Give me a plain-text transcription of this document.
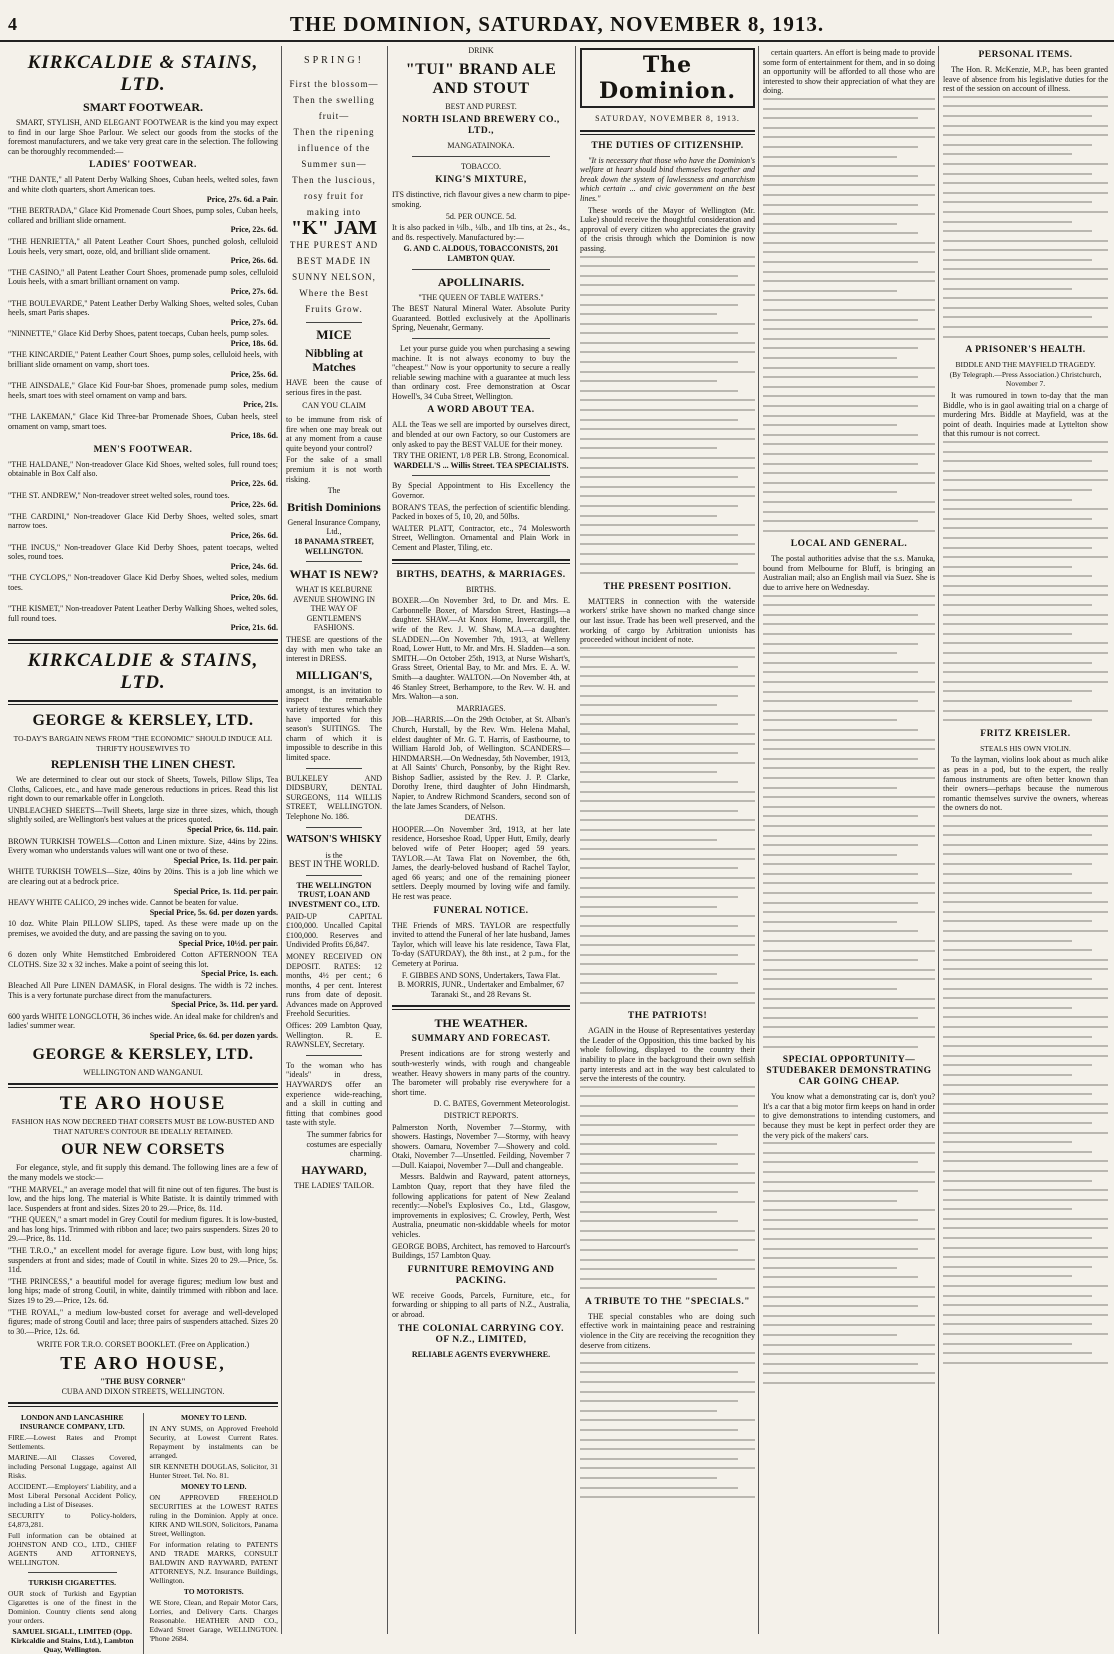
4	THE DOMINION, SATURDAY, NOVEMBER 8, 1913.
KIRKCALDIE & STAINS, LTD.
SMART FOOTWEAR.
SMART, STYLISH, AND ELEGANT FOOTWEAR is the kind you may expect to find in our large Shoe Parlour. We select our goods from the stocks of the foremost manufacturers, and we take very great care in the selection. The following can be thoroughly recommended:—
LADIES' FOOTWEAR.
"THE DANTE," all Patent Derby Walking Shoes, Cuban heels, welted soles, fawn and white cloth quarters, short American toes.
Price, 27s. 6d. a Pair.
"THE BERTRADA," Glace Kid Promenade Court Shoes, pump soles, Cuban heels, collared and brilliant slide ornament.
Price, 22s. 6d.
"THE HENRIETTA," all Patent Leather Court Shoes, punched golosh, celluloid Louis heels, very smart, ooze, old, and brilliant slide ornament.
Price, 26s. 6d.
"THE CASINO," all Patent Leather Court Shoes, promenade pump soles, celluloid Louis heels, with a smart brilliant ornament on vamp.
Price, 27s. 6d.
"THE BOULEVARDE," Patent Leather Derby Walking Shoes, welted soles, Cuban heels, smart Paris shapes.
Price, 27s. 6d.
"NINNETTE," Glace Kid Derby Shoes, patent toecaps, Cuban heels, pump soles.
Price, 18s. 6d.
"THE KINCARDIE," Patent Leather Court Shoes, pump soles, celluloid heels, with brilliant slide ornament on vamp, short toes.
Price, 25s. 6d.
"THE AINSDALE," Glace Kid Four-bar Shoes, promenade pump soles, medium heels, smart toes with steel ornament on vamp and bars.
Price, 21s.
"THE LAKEMAN," Glace Kid Three-bar Promenade Shoes, Cuban heels, steel ornament on vamp, smart toes.
Price, 18s. 6d.
MEN'S FOOTWEAR.
"THE HALDANE," Non-treadover Glace Kid Shoes, welted soles, full round toes; obtainable in Box Calf also.
Price, 22s. 6d.
"THE ST. ANDREW," Non-treadover street welted soles, round toes.
Price, 22s. 6d.
"THE CARDINI," Non-treadover Glace Kid Derby Shoes, welted soles, smart narrow toes.
Price, 26s. 6d.
"THE INCUS," Non-treadover Glace Kid Derby Shoes, patent toecaps, welted soles, round toes.
Price, 24s. 6d.
"THE CYCLOPS," Non-treadover Glace Kid Derby Shoes, welted soles, medium toes.
Price, 20s. 6d.
"THE KISMET," Non-treadover Patent Leather Derby Walking Shoes, welted soles, full round toes.
Price, 21s. 6d.
KIRKCALDIE & STAINS, LTD.
GEORGE & KERSLEY, LTD.
TO-DAY'S BARGAIN NEWS FROM "THE ECONOMIC" SHOULD INDUCE ALL THRIFTY HOUSEWIVES TO
REPLENISH THE LINEN CHEST.
We are determined to clear out our stock of Sheets, Towels, Pillow Slips, Tea Cloths, Calicoes, etc., and have made generous reductions in prices. Read this list right down to our remarkable offer in Longcloth.
UNBLEACHED SHEETS—Twill Sheets, large size in three sizes, which, though slightly soiled, are Wellington's best values at the prices quoted.
Special Price, 6s. 11d. pair.
BROWN TURKISH TOWELS—Cotton and Linen mixture. Size, 44ins by 22ins. Every woman who understands values will want one or two of these.
Special Price, 1s. 11d. per pair.
WHITE TURKISH TOWELS—Size, 40ins by 20ins. This is a job line which we are clearing out at a bedrock price.
Special Price, 1s. 11d. per pair.
HEAVY WHITE CALICO, 29 inches wide. Cannot be beaten for value.
Special Price, 5s. 6d. per dozen yards.
10 doz. White Plain PILLOW SLIPS, taped. As these were made up on the premises, we avoided the duty, and are passing the saving on to you.
Special Price, 10½d. per pair.
6 dozen only White Hemstitched Embroidered Cotton AFTERNOON TEA CLOTHS. Size 32 x 32 inches. Make a point of seeing this lot.
Special Price, 1s. each.
Bleached All Pure LINEN DAMASK, in Floral designs. The width is 72 inches. This is a very fortunate purchase direct from the manufacturers.
Special Price, 3s. 11d. per yard.
600 yards WHITE LONGCLOTH, 36 inches wide. An ideal make for children's and ladies' summer wear.
Special Price, 6s. 6d. per dozen yards.
GEORGE & KERSLEY, LTD.
WELLINGTON AND WANGANUI.
TE ARO HOUSE
FASHION HAS NOW DECREED THAT CORSETS MUST BE LOW-BUSTED AND THAT NATURE'S CONTOUR BE IDEALLY RETAINED.
OUR NEW CORSETS
For elegance, style, and fit supply this demand. The following lines are a few of the many models we stock:—
"THE MARVEL," an average model that will fit nine out of ten figures. The bust is low, and the hips long. The material is White Batiste. It is daintily trimmed with lace. Suspenders at front and sides. Sizes 20 to 29.—Price, 8s. 11d.
"THE QUEEN," a smart model in Grey Coutil for medium figures. It is low-busted, and has long hips. Trimmed with ribbon and lace; two pairs suspenders. Sizes 20 to 29.—Price, 8s. 11d.
"THE T.R.O.," an excellent model for average figure. Low bust, with long hips; suspenders at front and sides; made of Coutil in white. Sizes 20 to 29.—Price, 5s. 11d.
"THE PRINCESS," a beautiful model for average figures; medium low bust and long hips; made of strong Coutil, in white, daintily trimmed with ribbon and lace. Sizes 19 to 29.—Price, 12s. 6d.
"THE ROYAL," a medium low-busted corset for average and well-developed figures; made of strong Coutil and lace; three pairs of suspenders attached. Sizes 20 to 30.—Price, 12s. 6d.
WRITE FOR T.R.O. CORSET BOOKLET. (Free on Application.)
TE ARO HOUSE,
"THE BUSY CORNER"
CUBA AND DIXON STREETS, WELLINGTON.
LONDON AND LANCASHIRE INSURANCE COMPANY, LTD.
FIRE.—Lowest Rates and Prompt Settlements.
MARINE.—All Classes Covered, including Personal Luggage, against All Risks.
ACCIDENT.—Employers' Liability, and a Most Liberal Personal Accident Policy, including a List of Diseases.
SECURITY to Policy-holders, £4,873,281.
Full information can be obtained at JOHNSTON AND CO., LTD., CHIEF AGENTS AND ATTORNEYS, WELLINGTON.
TURKISH CIGARETTES.
OUR stock of Turkish and Egyptian Cigarettes is one of the finest in the Dominion. Country clients send along your orders.
SAMUEL SIGALL, LIMITED (Opp. Kirkcaldie and Stains, Ltd.), Lambton Quay, Wellington.
MONEY TO LEND.
IN ANY SUMS, on Approved Freehold Security, at Lowest Current Rates. Repayment by instalments can be arranged.
SIR KENNETH DOUGLAS, Solicitor, 31 Hunter Street. Tel. No. 81.
MONEY TO LEND.
ON APPROVED FREEHOLD SECURITIES at the LOWEST RATES ruling in the Dominion. Apply at once. KIRK AND WILSON, Solicitors, Panama Street, Wellington.
For information relating to PATENTS AND TRADE MARKS, CONSULT BALDWIN AND RAYWARD, PATENT ATTORNEYS, N.Z. Insurance Buildings, Wellington.
TO MOTORISTS.
WE Store, Clean, and Repair Motor Cars, Lorries, and Delivery Carts. Charges Reasonable. HEATHER AND CO., Edward Street Garage, WELLINGTON. 'Phone 2684.
SPRING!
First the blossom—
Then the swelling fruit—
Then the ripening influence of the Summer sun—
Then the luscious, rosy fruit for making into
"K" JAM
THE PUREST AND BEST MADE IN SUNNY NELSON,
Where the Best Fruits Grow.
MICE
Nibbling at Matches
HAVE been the cause of serious fires in the past.
CAN YOU CLAIM
to be immune from risk of fire when one may break out at any moment from a cause quite beyond your control?
For the sake of a small premium it is not worth risking.
The
British Dominions
General Insurance Company, Ltd.,
18 PANAMA STREET, WELLINGTON.
WHAT IS NEW?
WHAT IS KELBURNE AVENUE SHOWING IN THE WAY OF GENTLEMEN'S FASHIONS.
THESE are questions of the day with men who take an interest in DRESS.
MILLIGAN'S,
amongst, is an invitation to inspect the remarkable variety of textures which they have imported for this season's SUITINGS. The charm of which it is impossible to describe in this limited space.
BULKELEY AND DIDSBURY, DENTAL SURGEONS, 114 WILLIS STREET, WELLINGTON. Telephone No. 186.
WATSON'S WHISKY
is the
BEST IN THE WORLD.
THE WELLINGTON TRUST, LOAN AND INVESTMENT CO., LTD.
PAID-UP CAPITAL £100,000. Uncalled Capital £100,000. Reserves and Undivided Profits £6,847.
MONEY RECEIVED ON DEPOSIT. RATES: 12 months, 4½ per cent.; 6 months, 4 per cent. Interest runs from date of deposit. Advances made on Approved Freehold Securities.
Offices: 209 Lambton Quay, Wellington. R. E. RAWNSLEY, Secretary.
To the woman who has "ideals" in dress, HAYWARD'S offer an experience wide-reaching, and a skill in cutting and fitting that combines good taste with style.
The summer fabrics for costumes are especially charming.
HAYWARD,
THE LADIES' TAILOR.
DRINK
"TUI" BRAND ALE AND STOUT
BEST AND PUREST.
NORTH ISLAND BREWERY CO., LTD.,
MANGATAINOKA.
TOBACCO.
KING'S MIXTURE,
ITS distinctive, rich flavour gives a new charm to pipe-smoking.
5d. PER OUNCE. 5d.
It is also packed in ½lb., ¼lb., and 1lb tins, at 2s., 4s., and 8s. respectively. Manufactured by:—
G. AND C. ALDOUS, TOBACCONISTS, 201 LAMBTON QUAY.
APOLLINARIS.
"THE QUEEN OF TABLE WATERS."
The BEST Natural Mineral Water. Absolute Purity Guaranteed. Bottled exclusively at the Apollinaris Spring, Neuenahr, Germany.
Let your purse guide you when purchasing a sewing machine. It is not always economy to buy the "cheapest." Now is your opportunity to secure a really reliable sewing machine with a guarantee at much less than ordinary cost. Free demonstration at Oscar Howell's, 34 Cuba Street, Wellington.
A WORD ABOUT TEA.
ALL the Teas we sell are imported by ourselves direct, and blended at our own Factory, so our Customers are only asked to pay the BEST VALUE for their money.
TRY THE ORIENT, 1/8 PER LB. Strong, Economical.
WARDELL'S ... Willis Street. TEA SPECIALISTS.
By Special Appointment to His Excellency the Governor.
BORAN'S TEAS, the perfection of scientific blending. Packed in boxes of 5, 10, 20, and 50lbs.
WALTER PLATT, Contractor, etc., 74 Molesworth Street, Wellington. Ornamental and Plain Work in Cement and Plaster, Tiling, etc.
BIRTHS, DEATHS, & MARRIAGES.
BIRTHS.
BOXER.—On November 3rd, to Dr. and Mrs. E. Carbonnelle Boxer, of Marsdon Street, Hastings—a daughter. SHAW.—At Knox Home, Invercargill, the wife of the Rev. J. W. Shaw, M.A.—a daughter. SLADDEN.—On November 7th, 1913, at Welleny Road, Lower Hutt, to Mr. and Mrs. H. Sladden—a son. SMITH.—On October 25th, 1913, at Nurse Wishart's, Grass Street, Oriental Bay, to Mr. and Mrs. E. A. W. Smith—a daughter. WALTON.—On November 4th, at 46 Stanley Street, Berhampore, to the Rev. W. H. and Mrs. Walton—a son.
MARRIAGES.
JOB—HARRIS.—On the 29th October, at St. Alban's Church, Hurstall, by the Rev. Wm. Helena Mahal, eldest daughter of Mr. G. T. Harris, of Eastbourne, to William Harold Job, of Wellington. SCANDERS—HINDMARSH.—On Wednesday, 5th November, 1913, at All Saints' Church, Ponsonby, by the Right Rev. Bishop Sadlier, assisted by the Rev. J. P. Clarke, Dorothy Irene, third daughter of John Hindmarsh, Napier, to Andrew Richmond Scanders, second son of the late James Scanders, of Nelson.
DEATHS.
HOOPER.—On November 3rd, 1913, at her late residence, Horseshoe Road, Upper Hutt, Emily, dearly beloved wife of Peter Hooper; aged 59 years. TAYLOR.—At Tawa Flat on November, the 6th, James, the dearly-beloved husband of Rachel Taylor, aged 66 years; and one of the remaining pioneer settlers. Deeply mourned by loving wife and family. He rest was peace.
FUNERAL NOTICE.
THE Friends of MRS. TAYLOR are respectfully invited to attend the Funeral of her late husband, James Taylor, which will leave his late residence, Tawa Flat, To-day (SATURDAY), the 8th inst., at 2 p.m., for the Cemetery at Porirua.
F. GIBBES AND SONS, Undertakers, Tawa Flat.
B. MORRIS, JUNR., Undertaker and Embalmer, 67 Taranaki St., and 28 Revans St.
THE WEATHER.
SUMMARY AND FORECAST.
Present indications are for strong westerly and south-westerly winds, with rough and changeable weather. Heavy showers in many parts of the country. The barometer will probably rise everywhere for a short time.
D. C. BATES, Government Meteorologist.
DISTRICT REPORTS.
Palmerston North, November 7—Stormy, with showers. Hastings, November 7—Stormy, with heavy showers. Oamaru, November 7—Showery and cold. Otaki, November 7—Unsettled. Feilding, November 7—Dull. Kaiapoi, November 7—Dull and changeable.
Messrs. Baldwin and Rayward, patent attorneys, Lambton Quay, report that they have filed the following applications for patent of New Zealand recently:—Nobel's Explosives Co., Ltd., Glasgow, improvements in explosives; C. Crowley, Perth, West Australia, pneumatic non-skiddable wheels for motor vehicles.
GEORGE BOBS, Architect, has removed to Harcourt's Buildings, 157 Lambton Quay.
FURNITURE REMOVING AND PACKING.
WE receive Goods, Parcels, Furniture, etc., for forwarding or shipping to all parts of N.Z., Australia, or abroad.
THE COLONIAL CARRYING COY. OF N.Z., LIMITED,
RELIABLE AGENTS EVERYWHERE.
The Dominion.
SATURDAY, NOVEMBER 8, 1913.
THE DUTIES OF CITIZENSHIP.
"It is necessary that those who have the Dominion's welfare at heart should bind themselves together and break down the system of lawlessness and anarchism which certain ... and civic government on the best lines."
These words of the Mayor of Wellington (Mr. Luke) should receive the thoughtful consideration and approval of every citizen who appreciates the gravity of the crisis through which the Dominion is now passing.
THE PRESENT POSITION.
MATTERS in connection with the waterside workers' strike have shown no marked change since our last issue. Trade has been well preserved, and the working of cargo by Arbitration unionists has proceeded without incident of note.
THE PATRIOTS!
AGAIN in the House of Representatives yesterday the Leader of the Opposition, this time backed by his whole following, displayed to the country their inability to place in the background their own selfish party interests and act in the way best calculated to serve the interests of the country.
A TRIBUTE TO THE "SPECIALS."
THE special constables who are doing such effective work in maintaining peace and restraining violence in the City are receiving the recognition they deserve from citizens.
certain quarters. An effort is being made to provide some form of entertainment for them, and in so doing an opportunity will be afforded to all those who are interested to show their appreciation of what they are doing.
LOCAL AND GENERAL.
The postal authorities advise that the s.s. Manuka, bound from Melbourne for Bluff, is bringing an Australian mail; also an English mail via Suez. She is due to arrive here on Wednesday.
SPECIAL OPPORTUNITY—STUDEBAKER DEMONSTRATING CAR GOING CHEAP.
You know what a demonstrating car is, don't you? It's a car that a big motor firm keeps on hand in order to give demonstrations to intending customers, and because they must be kept in perfect order they are the very pick of the makers' cars.
PERSONAL ITEMS.
The Hon. R. McKenzie, M.P., has been granted leave of absence from his legislative duties for the rest of the session on account of illness.
A PRISONER'S HEALTH.
BIDDLE AND THE MAYFIELD TRAGEDY.
(By Telegraph.—Press Association.) Christchurch, November 7.
It was rumoured in town to-day that the man Biddle, who is in gaol awaiting trial on a charge of murdering Mrs. Biddle at Mayfield, was at the point of death. Inquiries made at Lyttelton show that this rumour is not correct.
FRITZ KREISLER.
STEALS HIS OWN VIOLIN.
To the layman, violins look about as much alike as peas in a pod, but to the expert, the really famous instruments are often better known than their owners—perhaps because the numerous romantic themselves survive the owners, whereas the owners do not.
